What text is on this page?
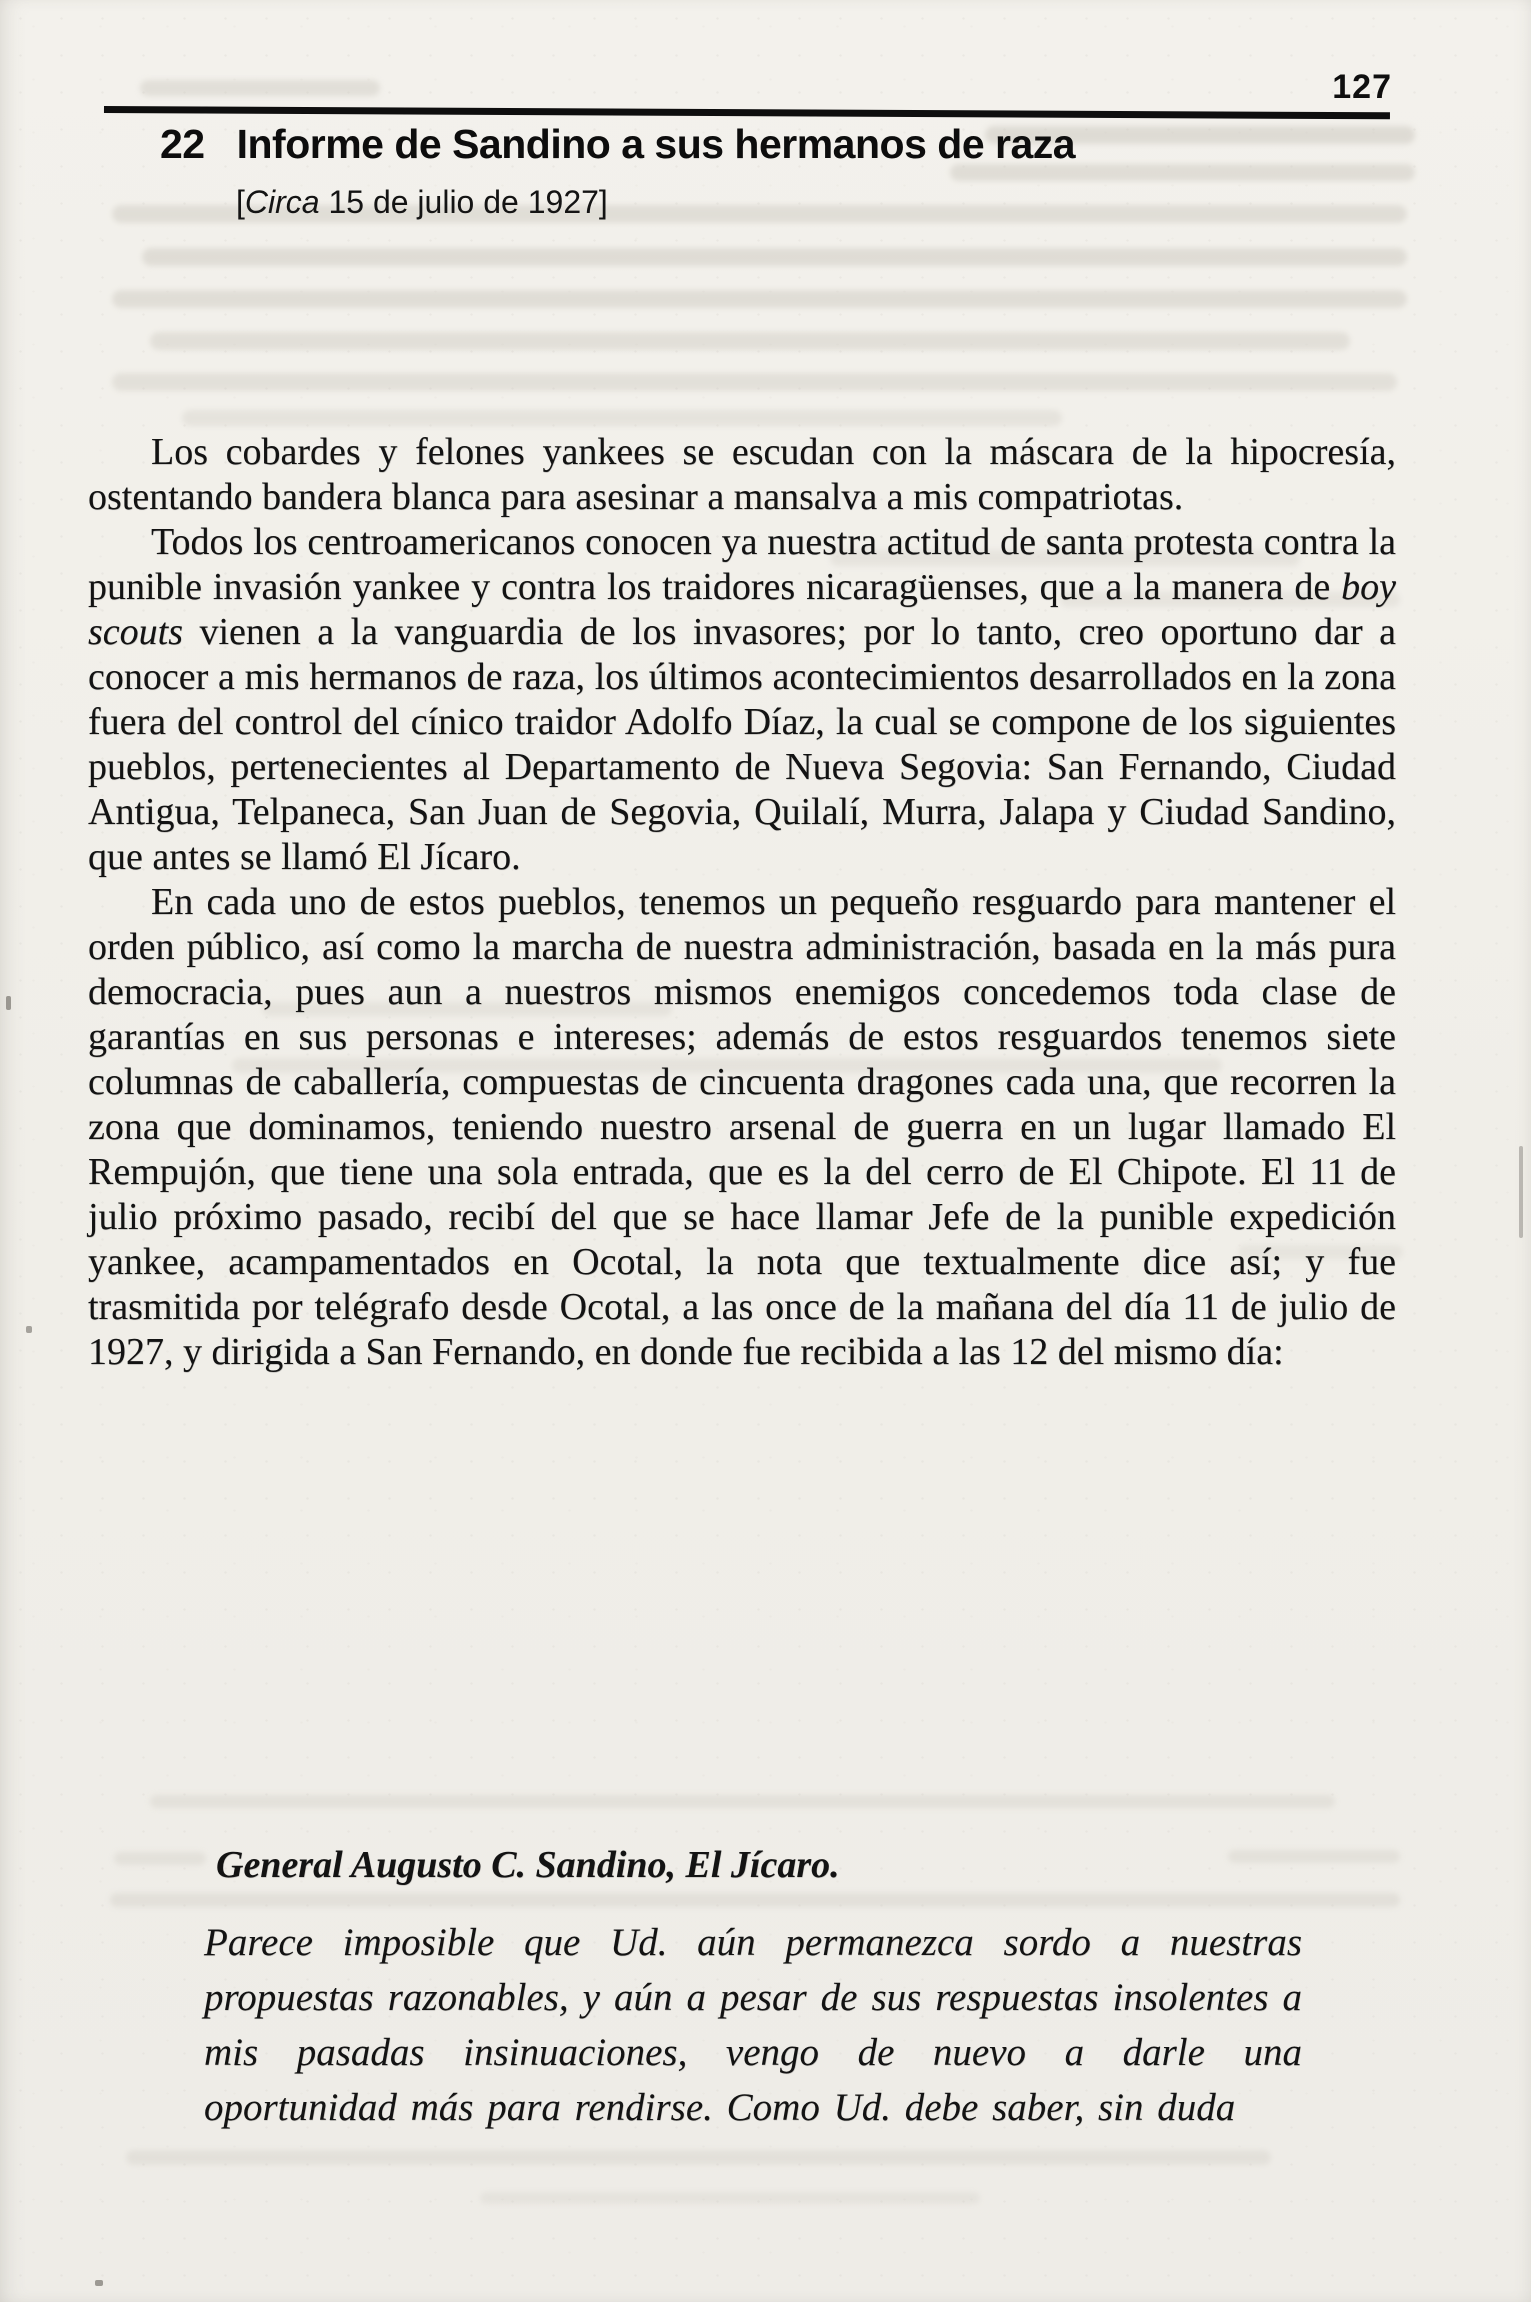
127
22 Informe de Sandino a sus hermanos de raza
[Circa 15 de julio de 1927]

Los cobardes y felones yankees se escudan con la máscara de la hipocresía, ostentando bandera blanca para asesinar a mansalva a mis compatriotas.

Todos los centroamericanos conocen ya nuestra actitud de santa protesta contra la punible invasión yankee y contra los traidores nicaragüenses, que a la manera de boy scouts vienen a la vanguardia de los invasores; por lo tanto, creo oportuno dar a conocer a mis hermanos de raza, los últimos acontecimientos desarrollados en la zona fuera del control del cínico traidor Adolfo Díaz, la cual se compone de los siguientes pueblos, pertenecientes al Departamento de Nueva Segovia: San Fernando, Ciudad Antigua, Telpaneca, San Juan de Segovia, Quilalí, Murra, Jalapa y Ciudad Sandino, que antes se llamó El Jícaro.

En cada uno de estos pueblos, tenemos un pequeño resguardo para mantener el orden público, así como la marcha de nuestra administración, basada en la más pura democracia, pues aun a nuestros mismos enemigos concedemos toda clase de garantías en sus personas e intereses; además de estos resguardos tenemos siete columnas de caballería, compuestas de cincuenta dragones cada una, que recorren la zona que dominamos, teniendo nuestro arsenal de guerra en un lugar llamado El Rempujón, que tiene una sola entrada, que es la del cerro de El Chipote. El 11 de julio próximo pasado, recibí del que se hace llamar Jefe de la punible expedición yankee, acampamentados en Ocotal, la nota que textualmente dice así; y fue trasmitida por telégrafo desde Ocotal, a las once de la mañana del día 11 de julio de 1927, y dirigida a San Fernando, en donde fue recibida a las 12 del mismo día:

General Augusto C. Sandino, El Jícaro.
Parece imposible que Ud. aún permanezca sordo a nuestras propuestas razonables, y aún a pesar de sus respuestas insolentes a mis pasadas insinuaciones, vengo de nuevo a darle una oportunidad más para rendirse. Como Ud. debe saber, sin duda
